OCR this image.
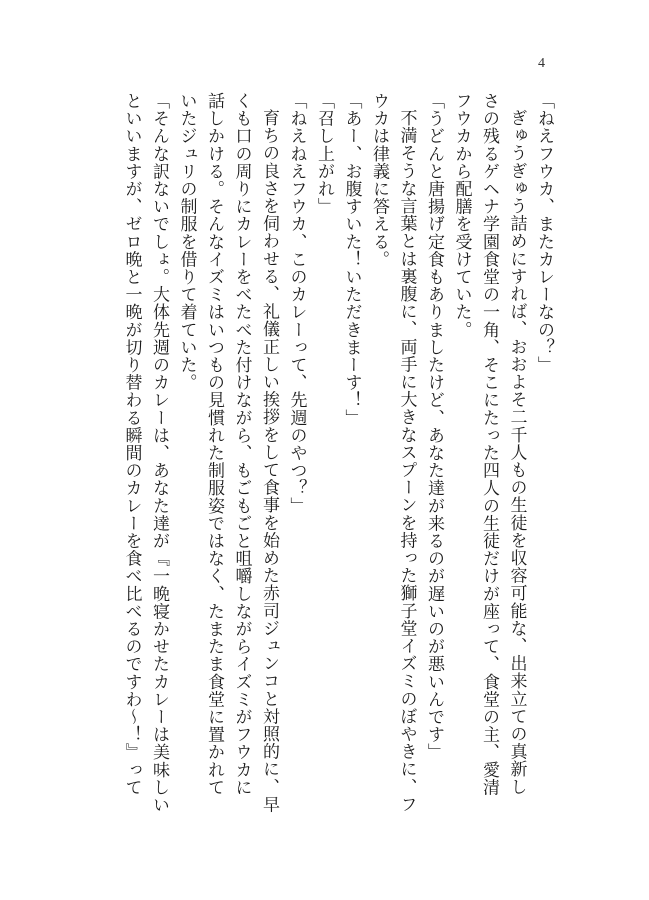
4

「ねえフウカ、またカレーなの？」

ぎゅうぎゅう詰めにすれば、おおよそ二千人もの生徒を収容可能な、出来立ての真新し

さの残るゲヘナ学園食堂の一角、そこにたった四人の生徒だけが座って、食堂の主、愛清

フウカから配膳を受けていた。

「うどんと唐揚げ定食もありましたけど、あなた達が来るのが遅いのが悪いんです」

不満そうな言葉とは裏腹に、両手に大きなスプーンを持った獅子堂イズミのぼやきに、フ

ウカは律義に答える。

「あー、お腹すいた！いただきまーす！」

「召し上がれ」

「ねえねえフウカ、このカレーって、先週のやつ？」

育ちの良さを伺わせる、礼儀正しい挨拶をして食事を始めた赤司ジュンコと対照的に、早

くも口の周りにカレーをべたべた付けながら、もごもごと咀嚼しながらイズミがフウカに

話しかける。そんなイズミはいつもの見慣れた制服姿ではなく、たまたま食堂に置かれて

いたジュリの制服を借りて着ていた。

「そんな訳ないでしょ。大体先週のカレーは、あなた達が『一晩寝かせたカレーは美味しい

といいますが、ゼロ晩と一晩が切り替わる瞬間のカレーを食べ比べるのですわ～！』って
